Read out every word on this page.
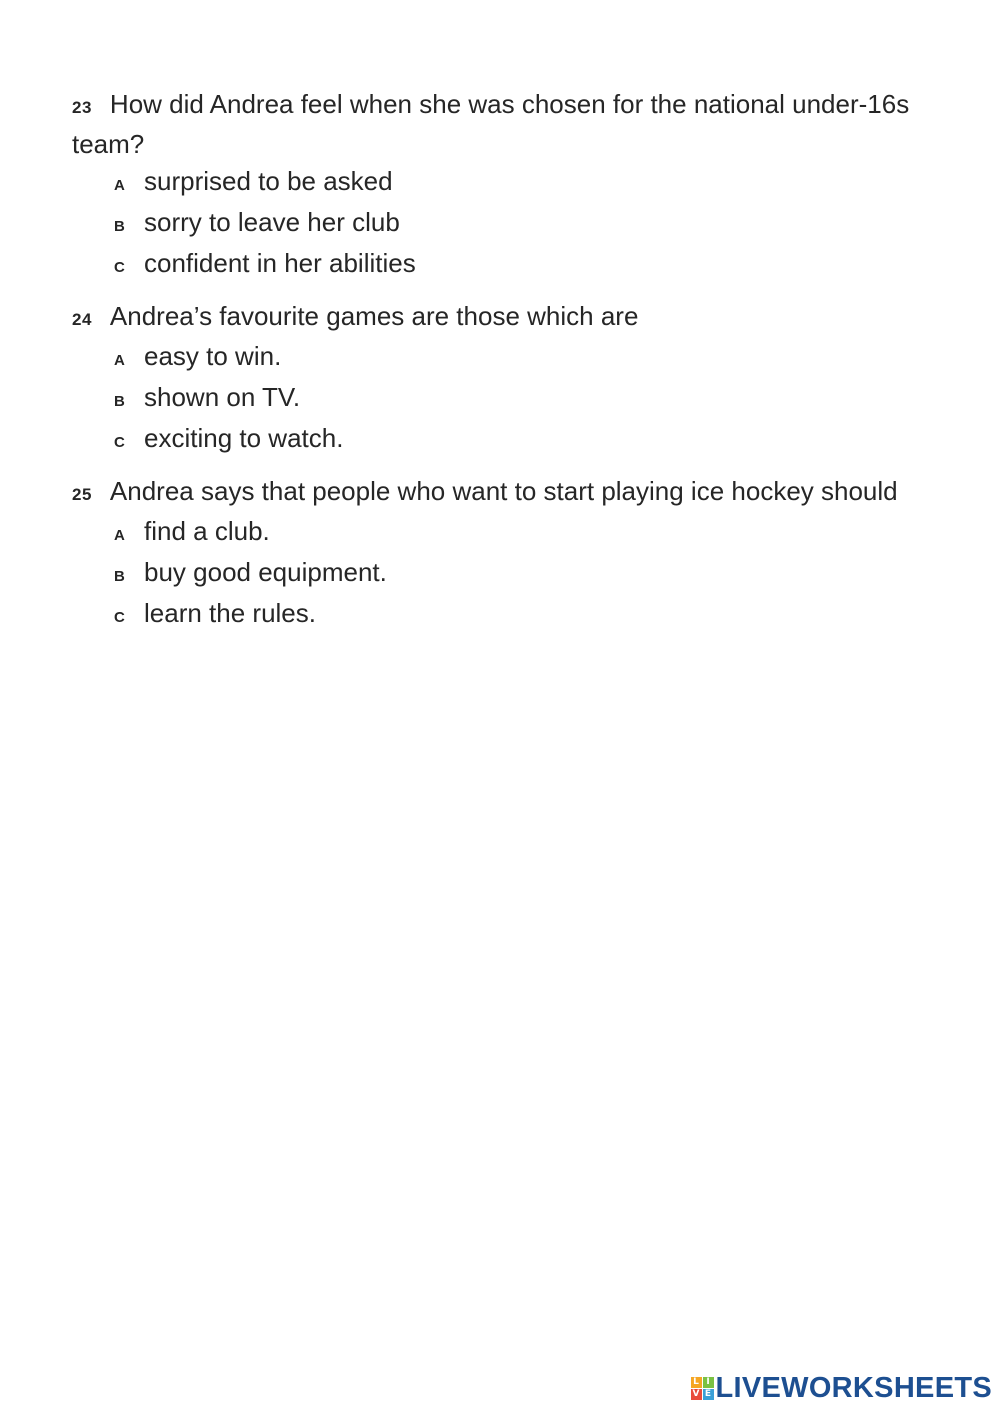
23 How did Andrea feel when she was chosen for the national under-16s team?

A surprised to be asked
B sorry to leave her club
C confident in her abilities

24 Andrea’s favourite games are those which are

A easy to win.
B shown on TV.
C exciting to watch.

25 Andrea says that people who want to start playing ice hockey should

A find a club.
B buy good equipment.
C learn the rules.
L I
V E LIVEWORKSHEETS
